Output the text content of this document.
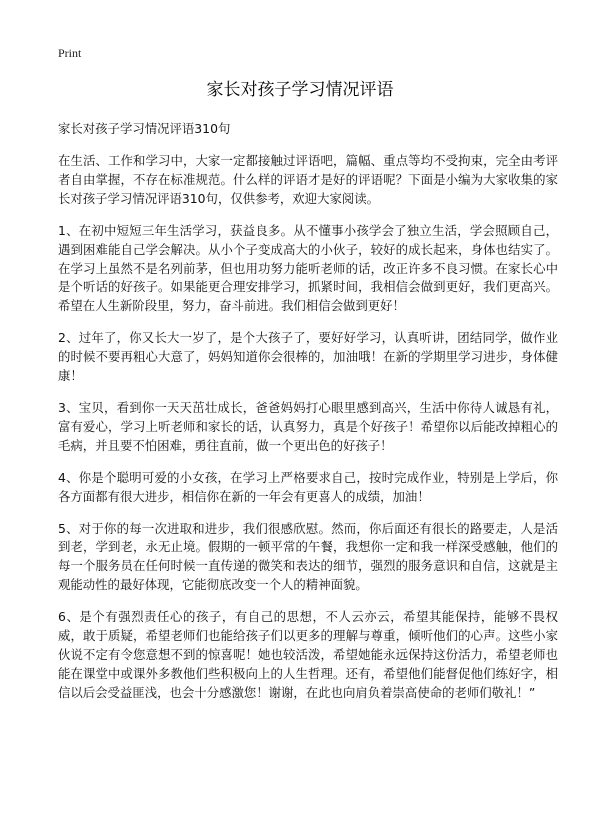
Print
家长对孩子学习情况评语

家长对孩子学习情况评语310句

在生活、工作和学习中，大家一定都接触过评语吧，篇幅、重点等均不受拘束，完全由考评者自由掌握，不存在标准规范。什么样的评语才是好的评语呢？下面是小编为大家收集的家长对孩子学习情况评语310句，仅供参考，欢迎大家阅读。

1、在初中短短三年生活学习，获益良多。从不懂事小孩学会了独立生活，学会照顾自己，遇到困难能自己学会解决。从小个子变成高大的小伙子，较好的成长起来，身体也结实了。在学习上虽然不是名列前茅，但也用功努力能听老师的话，改正许多不良习惯。在家长心中是个听话的好孩子。如果能更合理安排学习，抓紧时间，我相信会做到更好，我们更高兴。希望在人生新阶段里，努力，奋斗前进。我们相信会做到更好！

2、过年了，你又长大一岁了，是个大孩子了，要好好学习，认真听讲，团结同学，做作业的时候不要再粗心大意了，妈妈知道你会很棒的，加油哦！在新的学期里学习进步，身体健康！

3、宝贝，看到你一天天茁壮成长，爸爸妈妈打心眼里感到高兴，生活中你待人诚恳有礼，富有爱心，学习上听老师和家长的话，认真努力，真是个好孩子！希望你以后能改掉粗心的毛病，并且要不怕困难，勇往直前，做一个更出色的好孩子！

4、你是个聪明可爱的小女孩，在学习上严格要求自己，按时完成作业，特别是上学后，你各方面都有很大进步，相信你在新的一年会有更喜人的成绩，加油！

5、对于你的每一次进取和进步，我们很感欣慰。然而，你后面还有很长的路要走，人是活到老，学到老，永无止境。假期的一顿平常的午餐，我想你一定和我一样深受感触，他们的每一个服务员在任何时候一直传递的微笑和表达的细节，强烈的服务意识和自信，这就是主观能动性的最好体现，它能彻底改变一个人的精神面貌。

6、是个有强烈责任心的孩子，有自己的思想，不人云亦云，希望其能保持，能够不畏权威，敢于质疑，希望老师们也能给孩子们以更多的理解与尊重，倾听他们的心声。这些小家伙说不定有令您意想不到的惊喜呢！她也较活泼，希望她能永远保持这份活力，希望老师也能在课堂中或课外多教他们些积极向上的人生哲理。还有，希望他们能督促他们练好字，相信以后会受益匪浅，也会十分感激您！谢谢，在此也向肩负着崇高使命的老师们敬礼！”
